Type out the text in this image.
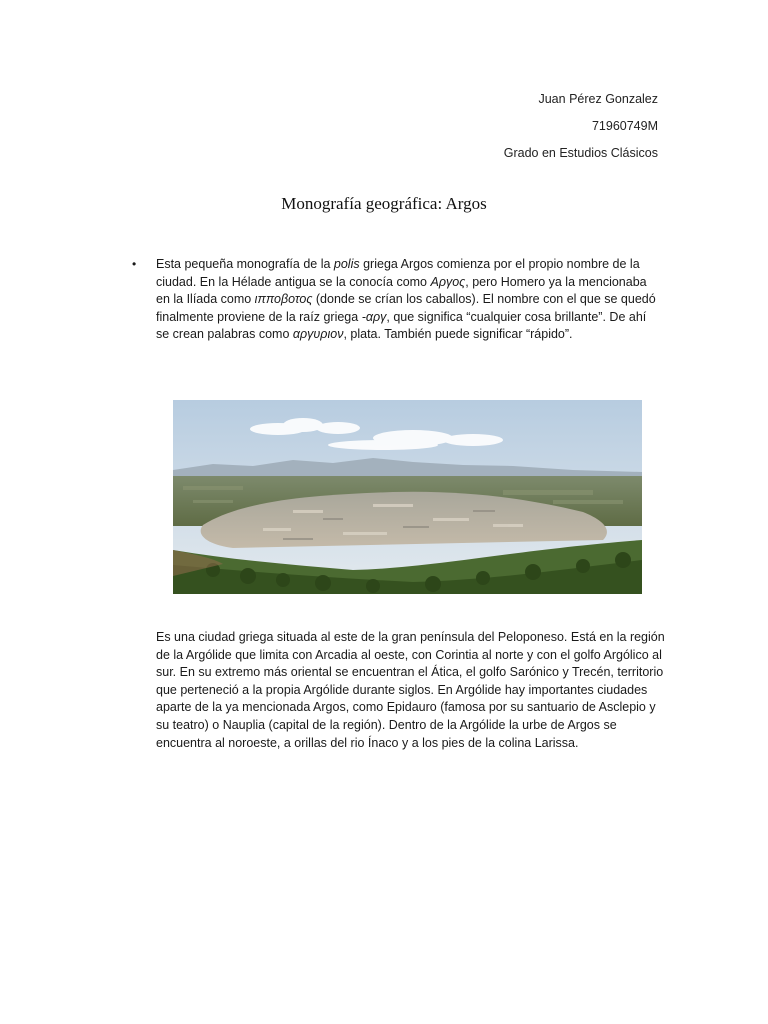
Juan Pérez Gonzalez
71960749M
Grado en Estudios Clásicos
Monografía geográfica: Argos
• Esta pequeña monografía de la polis griega Argos comienza por el propio nombre de la ciudad. En la Hélade antigua se la conocía como Αργος, pero Homero ya la mencionaba en la Ilíada como ιπποβοτος (donde se crían los caballos). El nombre con el que se quedó finalmente proviene de la raíz griega -αργ, que significa “cualquier cosa brillante”. De ahí se crean palabras como αργυριον, plata. También puede significar “rápido”.
Es una ciudad griega situada al este de la gran península del Peloponeso. Está en la región de la Argólide que limita con Arcadia al oeste, con Corintia al norte y con el golfo Argólico al sur. En su extremo más oriental se encuentran el Ática, el golfo Sarónico y Trecén, territorio que perteneció a la propia Argólide durante siglos. En Argólide hay importantes ciudades aparte de la ya mencionada Argos, como Epidauro (famosa por su santuario de Asclepio y su teatro) o Nauplia (capital de la región). Dentro de la Argólide la urbe de Argos se encuentra al noroeste, a orillas del rio Ínaco y a los pies de la colina Larissa.
